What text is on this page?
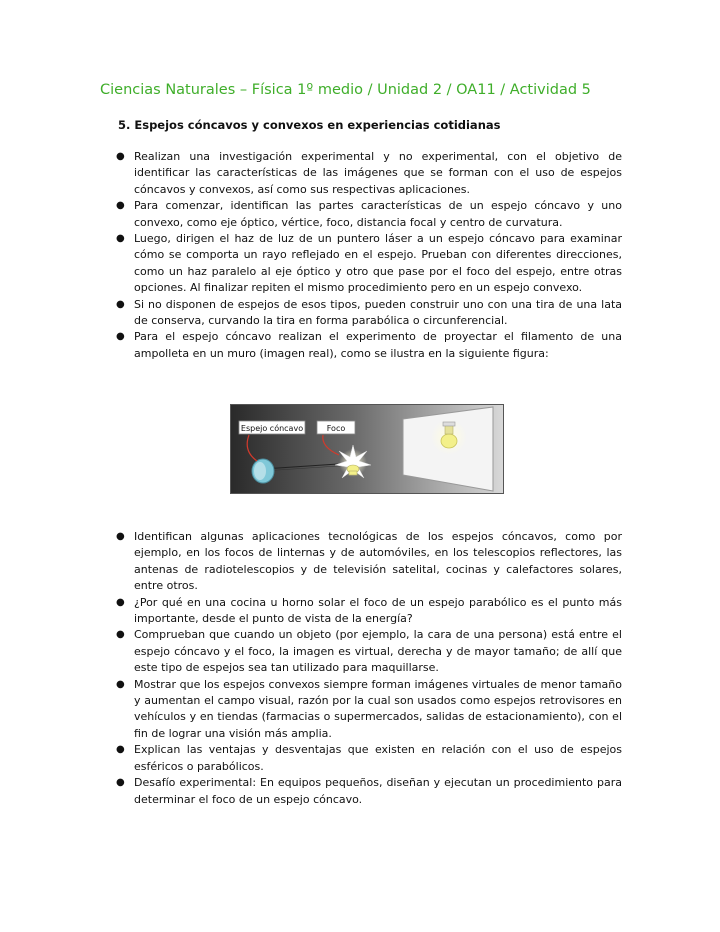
Ciencias Naturales – Física 1º medio / Unidad 2 / OA11 / Actividad 5
5. Espejos cóncavos y convexos en experiencias cotidianas
● Realizan una investigación experimental y no experimental, con el objetivo de identificar las características de las imágenes que se forman con el uso de espejos cóncavos y convexos, así como sus respectivas aplicaciones.
● Para comenzar, identifican las partes características de un espejo cóncavo y uno convexo, como eje óptico, vértice, foco, distancia focal y centro de curvatura.
● Luego, dirigen el haz de luz de un puntero láser a un espejo cóncavo para examinar cómo se comporta un rayo reflejado en el espejo. Prueban con diferentes direcciones, como un haz paralelo al eje óptico y otro que pase por el foco del espejo, entre otras opciones. Al finalizar repiten el mismo procedimiento pero en un espejo convexo.
● Si no disponen de espejos de esos tipos, pueden construir uno con una tira de una lata de conserva, curvando la tira en forma parabólica o circunferencial.
● Para el espejo cóncavo realizan el experimento de proyectar el filamento de una ampolleta en un muro (imagen real), como se ilustra en la siguiente figura:
Espejo cóncavo	Foco
● Identifican algunas aplicaciones tecnológicas de los espejos cóncavos, como por ejemplo, en los focos de linternas y de automóviles, en los telescopios reflectores, las antenas de radiotelescopios y de televisión satelital, cocinas y calefactores solares, entre otros.
● ¿Por qué en una cocina u horno solar el foco de un espejo parabólico es el punto más importante, desde el punto de vista de la energía?
● Comprueban que cuando un objeto (por ejemplo, la cara de una persona) está entre el espejo cóncavo y el foco, la imagen es virtual, derecha y de mayor tamaño; de allí que este tipo de espejos sea tan utilizado para maquillarse.
● Mostrar que los espejos convexos siempre forman imágenes virtuales de menor tamaño y aumentan el campo visual, razón por la cual son usados como espejos retrovisores en vehículos y en tiendas (farmacias o supermercados, salidas de estacionamiento), con el fin de lograr una visión más amplia.
● Explican las ventajas y desventajas que existen en relación con el uso de espejos esféricos o parabólicos.
● Desafío experimental: En equipos pequeños, diseñan y ejecutan un procedimiento para determinar el foco de un espejo cóncavo.
